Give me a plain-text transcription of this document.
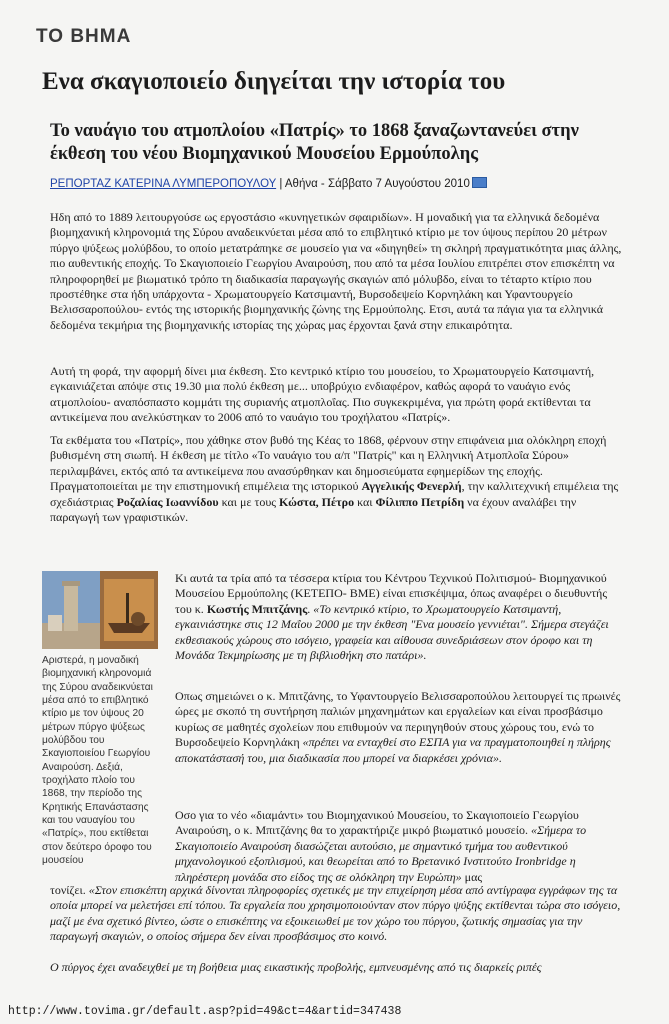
ΤΟ ΒΗΜΑ
Ενα σκαγιοποιείο διηγείται την ιστορία του
Το ναυάγιο του ατμοπλοίου «Πατρίς» το 1868 ξαναζωντανεύει στην έκθεση του νέου Βιομηχανικού Μουσείου Ερμούπολης
ΡΕΠΟΡΤΑΖ ΚΑΤΕΡΙΝΑ ΛΥΜΠΕΡΟΠΟΥΛΟΥ | Αθήνα - Σάββατο 7 Αυγούστου 2010

Ηδη από το 1889 λειτουργούσε ως εργοστάσιο «κυνηγετικών σφαιριδίων». Η μοναδική για τα ελληνικά δεδομένα βιομηχανική κληρονομιά της Σύρου αναδεικνύεται μέσα από το επιβλητικό κτίριο με τον ύψους περίπου 20 μέτρων πύργο ψύξεως μολύβδου, το οποίο μετατράπηκε σε μουσείο για να «διηγηθεί» τη σκληρή πραγματικότητα μιας άλλης, πιο αυθεντικής εποχής. Το Σκαγιοποιείο Γεωργίου Αναιρούση, που από τα μέσα Ιουλίου επιτρέπει στον επισκέπτη να πληροφορηθεί με βιωματικό τρόπο τη διαδικασία παραγωγής σκαγιών από μόλυβδο, είναι το τέταρτο κτίριο που προστέθηκε στα ήδη υπάρχοντα - Χρωματουργείο Κατσιμαντή, Βυρσοδεψείο Κορνηλάκη και Υφαντουργείο Βελισσαροπούλου- εντός της ιστορικής βιομηχανικής ζώνης της Ερμούπολης. Ετσι, αυτά τα πάγια για τα ελληνικά δεδομένα τεκμήρια της βιομηχανικής ιστορίας της χώρας μας έρχονται ξανά στην επικαιρότητα.

Αυτή τη φορά, την αφορμή δίνει μια έκθεση. Στο κεντρικό κτίριο του μουσείου, το Χρωματουργείο Κατσιμαντή, εγκαινιάζεται απόψε στις 19.30 μια πολύ έκθεση με... υποβρύχιο ενδιαφέρον, καθώς αφορά το ναυάγιο ενός ατμοπλοίου- αναπόσπαστο κομμάτι της συριανής ατμοπλοΐας. Πιο συγκεκριμένα, για πρώτη φορά εκτίθενται τα αντικείμενα που ανελκύστηκαν το 2006 από το ναυάγιο του τροχήλατου «Πατρίς».

Τα εκθέματα του «Πατρίς», που χάθηκε στον βυθό της Κέας το 1868, φέρνουν στην επιφάνεια μια ολόκληρη εποχή βυθισμένη στη σιωπή. Η έκθεση με τίτλο «Το ναυάγιο του α/π "Πατρίς" και η Ελληνική Ατμοπλοΐα Σύρου» περιλαμβάνει, εκτός από τα αντικείμενα που ανασύρθηκαν και δημοσιεύματα εφημερίδων της εποχής. Πραγματοποιείται με την επιστημονική επιμέλεια της ιστορικού Αγγελικής Φενερλή, την καλλιτεχνική επιμέλεια της σχεδιάστριας Ροζαλίας Ιωαννίδου και με τους Κώστα, Πέτρο και Φίλιππο Πετρίδη να έχουν αναλάβει την παραγωγή των γραφιστικών.

Αριστερά, η μοναδική βιομηχανική κληρονομιά της Σύρου αναδεικνύεται μέσα από το επιβλητικό κτίριο με τον ύψους 20 μέτρων πύργο ψύξεως μολύβδου του Σκαγιοποιείου Γεωργίου Αναιρούση. Δεξιά, τροχήλατο πλοίο του 1868, την περίοδο της Κρητικής Επανάστασης και του ναυαγίου του «Πατρίς», που εκτίθεται στον δεύτερο όροφο του μουσείου

Κι αυτά τα τρία από τα τέσσερα κτίρια του Κέντρου Τεχνικού Πολιτισμού- Βιομηχανικού Μουσείου Ερμούπολης (ΚΕΤΕΠΟ- ΒΜΕ) είναι επισκέψιμα, όπως αναφέρει ο διευθυντής του κ. Κωστής Μπιτζάνης. «Το κεντρικό κτίριο, το Χρωματουργείο Κατσιμαντή, εγκαινιάστηκε στις 12 Μαΐου 2000 με την έκθεση "Ενα μουσείο γεννιέται". Σήμερα στεγάζει εκθεσιακούς χώρους στο ισόγειο, γραφεία και αίθουσα συνεδριάσεων στον όροφο και τη Μονάδα Τεκμηρίωσης με τη βιβλιοθήκη στο πατάρι».

Οπως σημειώνει ο κ. Μπιτζάνης, το Υφαντουργείο Βελισσαροπούλου λειτουργεί τις πρωινές ώρες με σκοπό τη συντήρηση παλιών μηχανημάτων και εργαλείων και είναι προσβάσιμο κυρίως σε μαθητές σχολείων που επιθυμούν να περιηγηθούν στους χώρους του, ενώ το Βυρσοδεψείο Κορνηλάκη «πρέπει να ενταχθεί στο ΕΣΠΑ για να πραγματοποιηθεί η πλήρης αποκατάστασή του, μια διαδικασία που μπορεί να διαρκέσει χρόνια».

Οσο για το νέο «διαμάντι» του Βιομηχανικού Μουσείου, το Σκαγιοποιείο Γεωργίου Αναιρούση, ο κ. Μπιτζάνης θα το χαρακτήριζε μικρό βιωματικό μουσείο. «Σήμερα το Σκαγιοποιείο Αναιρούση διασώζεται αυτούσιο, με σημαντικό τμήμα του αυθεντικού μηχανολογικού εξοπλισμού, και θεωρείται από το Βρετανικό Ινστιτούτο Ironbridge η πληρέστερη μονάδα στο είδος της σε ολόκληρη την Ευρώπη» μας

τονίζει. «Στον επισκέπτη αρχικά δίνονται πληροφορίες σχετικές με την επιχείρηση μέσα από αντίγραφα εγγράφων της τα οποία μπορεί να μελετήσει επί τόπου. Τα εργαλεία που χρησιμοποιούνταν στον πύργο ψύξης εκτίθενται τώρα στο ισόγειο, μαζί με ένα σχετικό βίντεο, ώστε ο επισκέπτης να εξοικειωθεί με τον χώρο του πύργου, ζωτικής σημασίας για την παραγωγή σκαγιών, ο οποίος σήμερα δεν είναι προσβάσιμος στο κοινό.

Ο πύργος έχει αναδειχθεί με τη βοήθεια μιας εικαστικής προβολής, εμπνευσμένης από τις διαρκείς ριπές

http://www.tovima.gr/default.asp?pid=49&ct=4&artid=347438
